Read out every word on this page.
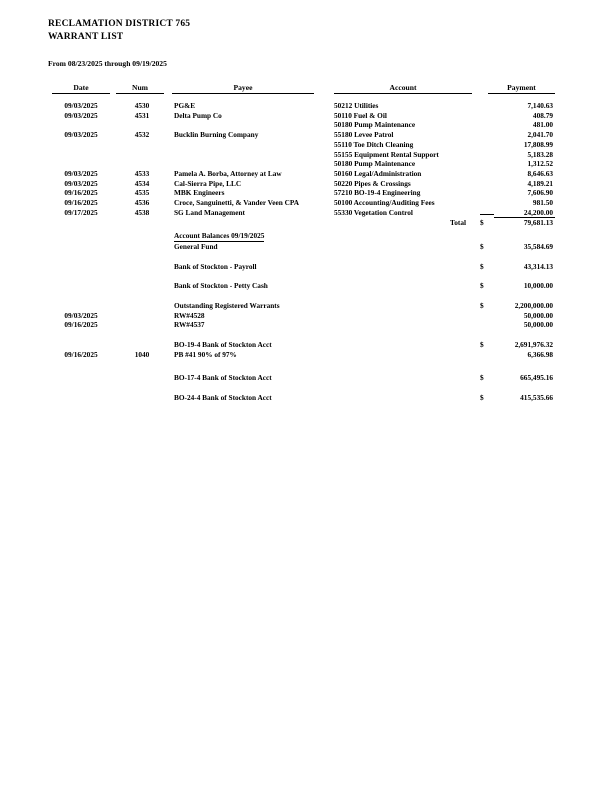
RECLAMATION DISTRICT 765
WARRANT LIST
From 08/23/2025 through 09/19/2025
Date	Num	Payee	Account	Payment
09/03/2025	4530	PG&E	50212 Utilities	7,140.63
09/03/2025	4531	Delta Pump Co	50110 Fuel & Oil	408.79
50180 Pump Maintenance	481.00
09/03/2025	4532	Bucklin Burning Company	55180 Levee Patrol	2,041.70
55110 Toe Ditch Cleaning	17,808.99
55155 Equipment Rental Support	5,183.28
50180 Pump Maintenance	1,312.52
09/03/2025	4533	Pamela A. Borba, Attorney at Law	50160 Legal/Administration	8,646.63
09/03/2025	4534	Cal-Sierra Pipe, LLC	50220 Pipes & Crossings	4,189.21
09/16/2025	4535	MBK Engineers	57210 BO-19-4 Engineering	7,606.90
09/16/2025	4536	Croce, Sanguinetti, & Vander Veen CPA	50100 Accounting/Auditing Fees	981.50
09/17/2025	4538	SG Land Management	55330 Vegetation Control	24,200.00
Total	$	79,681.13
Account Balances 09/19/2025
General Fund	$	35,584.69
Bank of Stockton - Payroll	$	43,314.13
Bank of Stockton - Petty Cash	$	10,000.00
Outstanding Registered Warrants	$	2,200,000.00
09/03/2025	RW#4528	50,000.00
09/16/2025	RW#4537	50,000.00
BO-19-4 Bank of Stockton Acct	$	2,691,976.32
09/16/2025	1040	PB #41 90% of 97%	6,366.98
BO-17-4 Bank of Stockton Acct	$	665,495.16
BO-24-4 Bank of Stockton Acct	$	415,535.66
